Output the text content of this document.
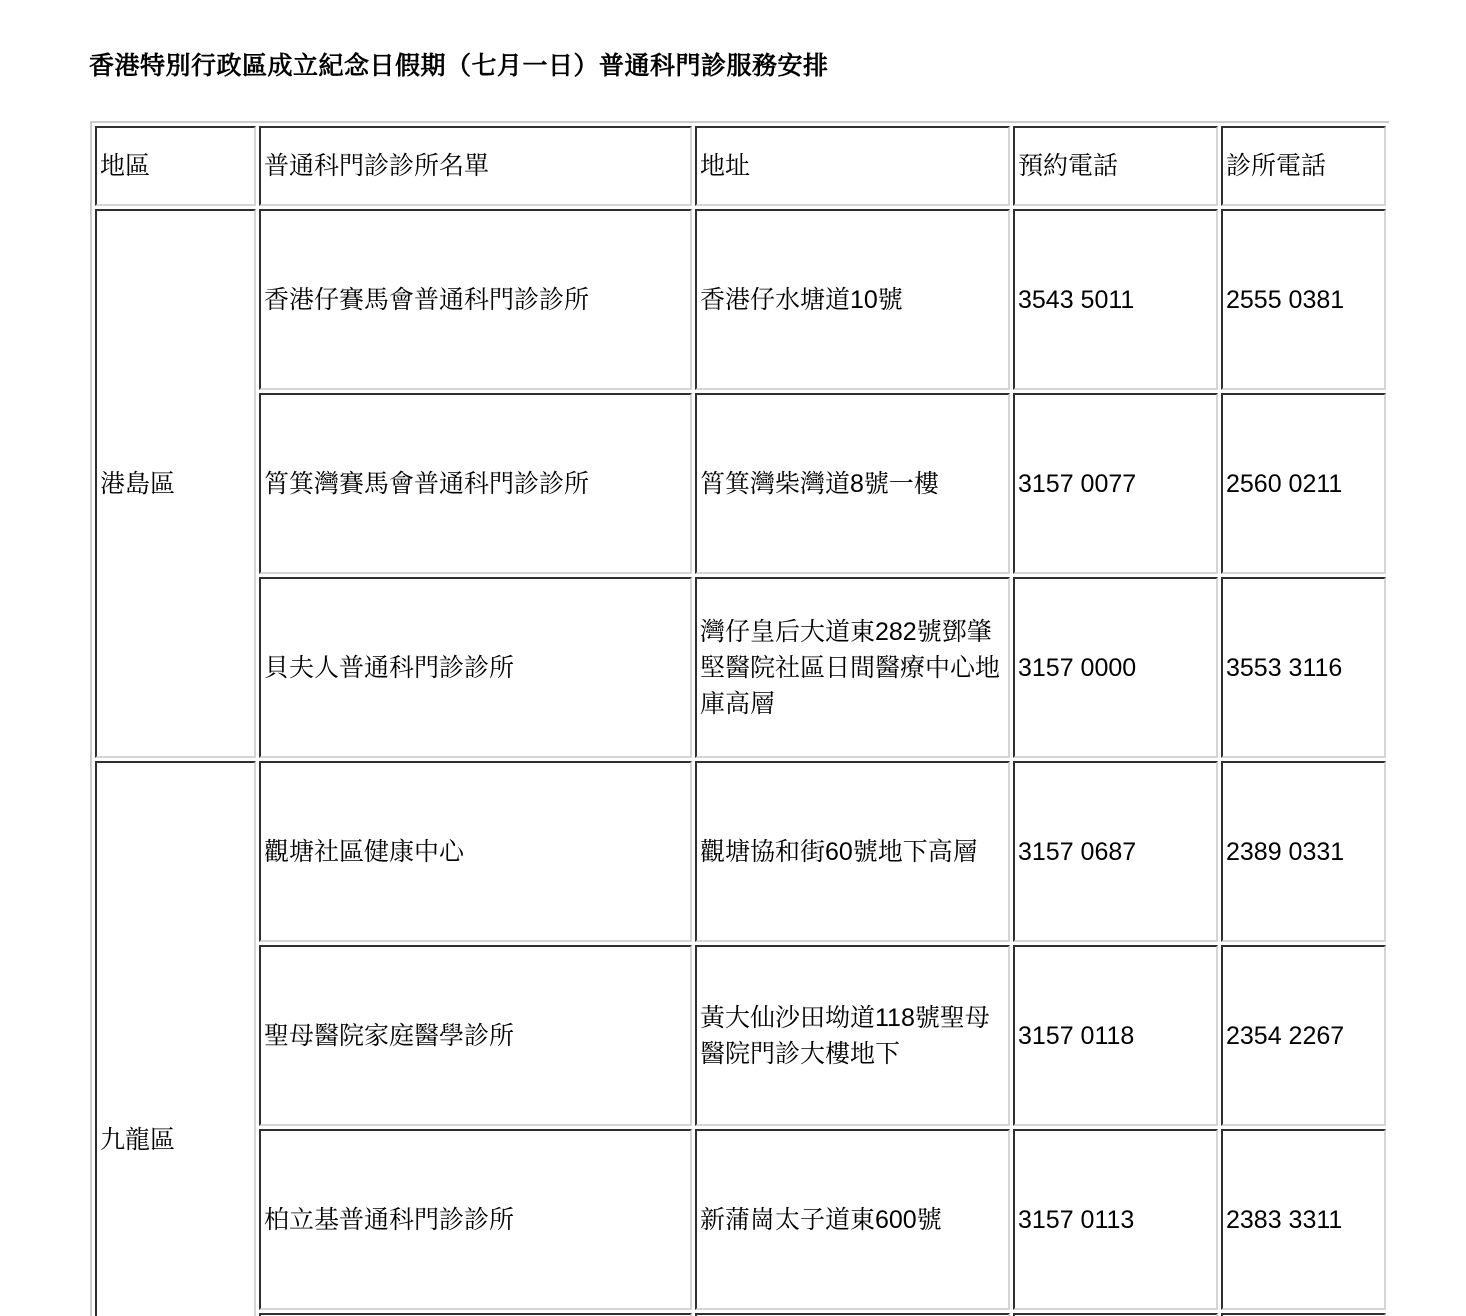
香港特別行政區成立紀念日假期（七月一日）普通科門診服務安排
地區	普通科門診診所名單	地址	預約電話	診所電話
港島區	香港仔賽馬會普通科門診診所	香港仔水塘道10號	3543 5011	2555 0381
	筲箕灣賽馬會普通科門診診所	筲箕灣柴灣道8號一樓	3157 0077	2560 0211
	貝夫人普通科門診診所	灣仔皇后大道東282號鄧肇堅醫院社區日間醫療中心地庫高層	3157 0000	3553 3116
九龍區	觀塘社區健康中心	觀塘協和街60號地下高層	3157 0687	2389 0331
	聖母醫院家庭醫學診所	黃大仙沙田坳道118號聖母醫院門診大樓地下	3157 0118	2354 2267
	柏立基普通科門診診所	新蒲崗太子道東600號	3157 0113	2383 3311
